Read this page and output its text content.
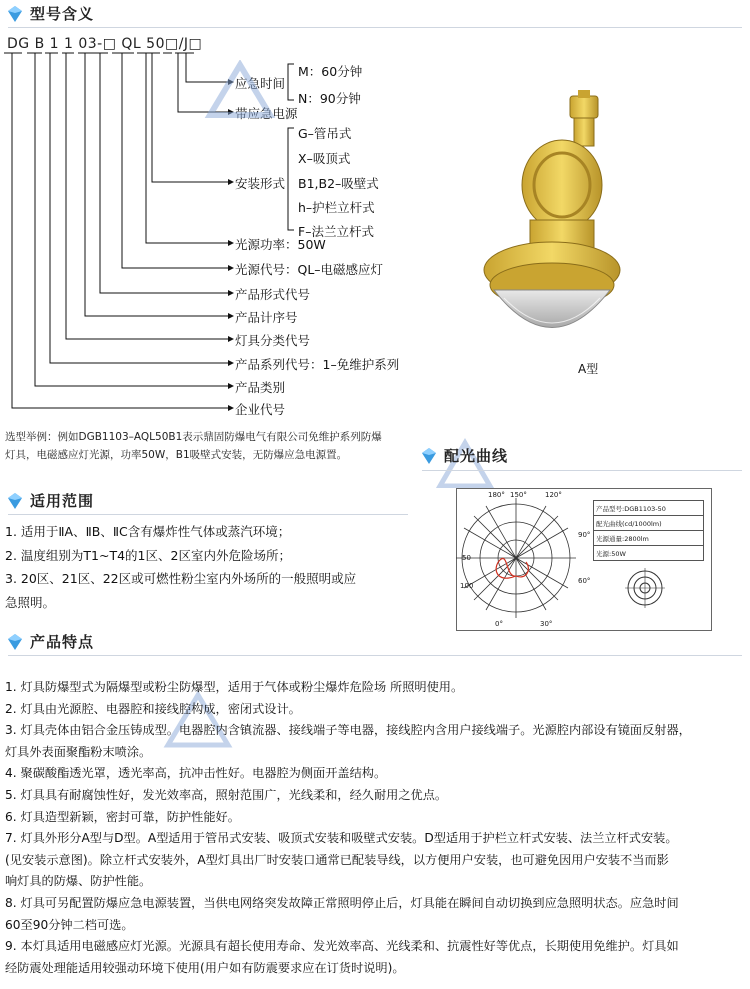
型号含义
DG B 1 1 03-□ QL 50□/J□
应急时间
M：60分钟
N：90分钟
带应急电源
G–管吊式
X–吸顶式
安装形式 B1,B2–吸壁式
h–护栏立杆式
F–法兰立杆式
光源功率：50W
光源代号：QL–电磁感应灯
产品形式代号
产品计序号
灯具分类代号
产品系列代号：1–免维护系列
产品类别
企业代号
选型举例：例如DGB1103–AQL50B1表示鼎固防爆电气有限公司免维护系列防爆
灯具，电磁感应灯光源，功率50W，B1吸壁式安装，无防爆应急电源置。
A型
配光曲线
180° 150°	120°
90°
60°
0°	30°
50
100
产品型号:DGB1103-50
配光曲线(cd/1000lm)
光源通量:2800lm
光源:50W
适用范围
1. 适用于ⅡA、ⅡB、ⅡC含有爆炸性气体或蒸汽环境；
2. 温度组别为T1~T4的1区、2区室内外危险场所；
3. 20区、21区、22区或可燃性粉尘室内外场所的一般照明或应
急照明。
产品特点
1. 灯具防爆型式为隔爆型或粉尘防爆型，适用于气体或粉尘爆炸危险场 所照明使用。
2. 灯具由光源腔、电器腔和接线腔构成，密闭式设计。
3. 灯具壳体由铝合金压铸成型。电器腔内含镇流器、接线端子等电器，接线腔内含用户接线端子。光源腔内部设有镜面反射器，
灯具外表面聚酯粉末喷涂。
4. 聚碳酸酯透光罩，透光率高，抗冲击性好。电器腔为侧面开盖结构。
5. 灯具具有耐腐蚀性好，发光效率高，照射范围广，光线柔和，经久耐用之优点。
6. 灯具造型新颖，密封可靠，防护性能好。
7. 灯具外形分A型与D型。A型适用于管吊式安装、吸顶式安装和吸壁式安装。D型适用于护栏立杆式安装、法兰立杆式安装。
(见安装示意图)。除立杆式安装外，A型灯具出厂时安装口通常已配装导线，以方便用户安装，也可避免因用户安装不当而影
响灯具的防爆、防护性能。
8. 灯具可另配置防爆应急电源装置，当供电网络突发故障正常照明停止后，灯具能在瞬间自动切换到应急照明状态。应急时间
60至90分钟二档可选。
9. 本灯具适用电磁感应灯光源。光源具有超长使用寿命、发光效率高、光线柔和、抗震性好等优点，长期使用免维护。灯具如
经防震处理能适用较强动环境下使用(用户如有防震要求应在订货时说明)。
